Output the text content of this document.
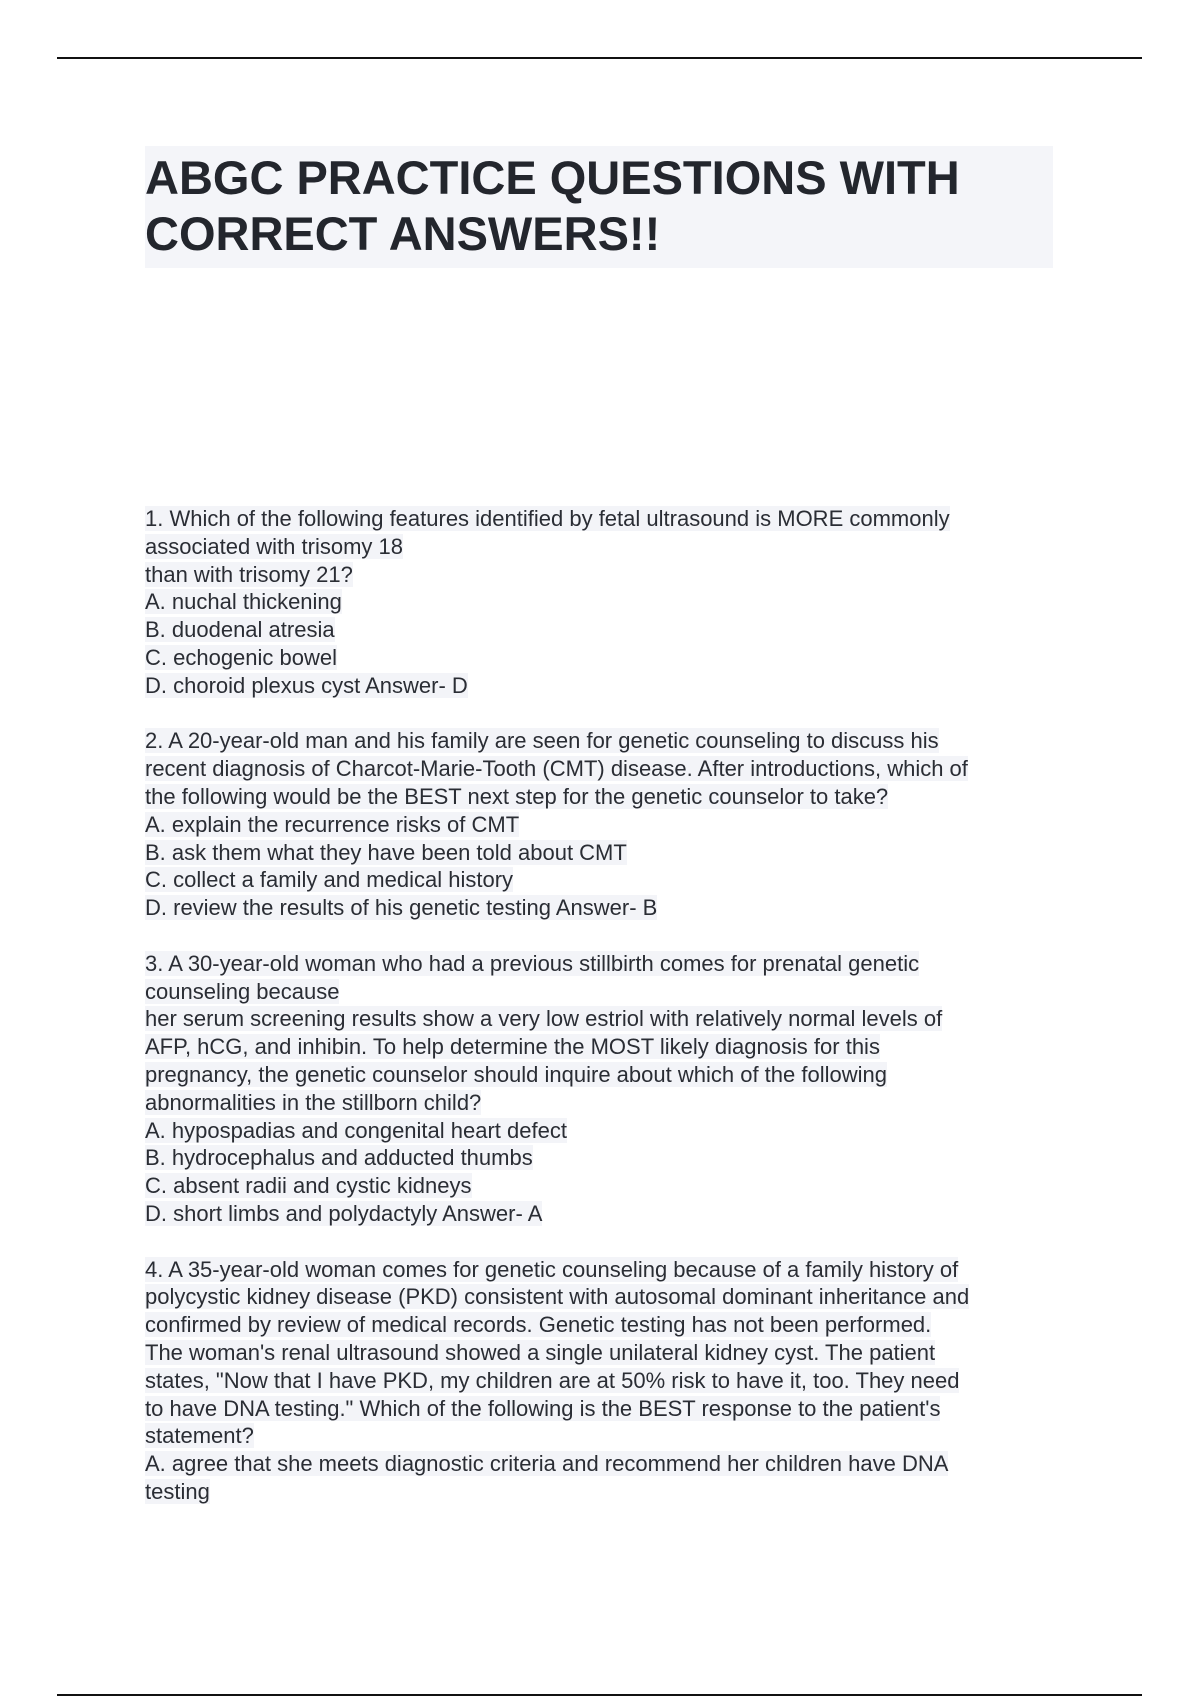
ABGC PRACTICE QUESTIONS WITH
CORRECT ANSWERS!!
1. Which of the following features identified by fetal ultrasound is MORE commonly
associated with trisomy 18
than with trisomy 21?
A. nuchal thickening
B. duodenal atresia
C. echogenic bowel
D. choroid plexus cyst Answer- D
2. A 20-year-old man and his family are seen for genetic counseling to discuss his
recent diagnosis of Charcot-Marie-Tooth (CMT) disease. After introductions, which of
the following would be the BEST next step for the genetic counselor to take?
A. explain the recurrence risks of CMT
B. ask them what they have been told about CMT
C. collect a family and medical history
D. review the results of his genetic testing Answer- B
3. A 30-year-old woman who had a previous stillbirth comes for prenatal genetic
counseling because
her serum screening results show a very low estriol with relatively normal levels of
AFP, hCG, and inhibin. To help determine the MOST likely diagnosis for this
pregnancy, the genetic counselor should inquire about which of the following
abnormalities in the stillborn child?
A. hypospadias and congenital heart defect
B. hydrocephalus and adducted thumbs
C. absent radii and cystic kidneys
D. short limbs and polydactyly Answer- A
4. A 35-year-old woman comes for genetic counseling because of a family history of
polycystic kidney disease (PKD) consistent with autosomal dominant inheritance and
confirmed by review of medical records. Genetic testing has not been performed.
The woman's renal ultrasound showed a single unilateral kidney cyst. The patient
states, "Now that I have PKD, my children are at 50% risk to have it, too. They need
to have DNA testing." Which of the following is the BEST response to the patient's
statement?
A. agree that she meets diagnostic criteria and recommend her children have DNA
testing
